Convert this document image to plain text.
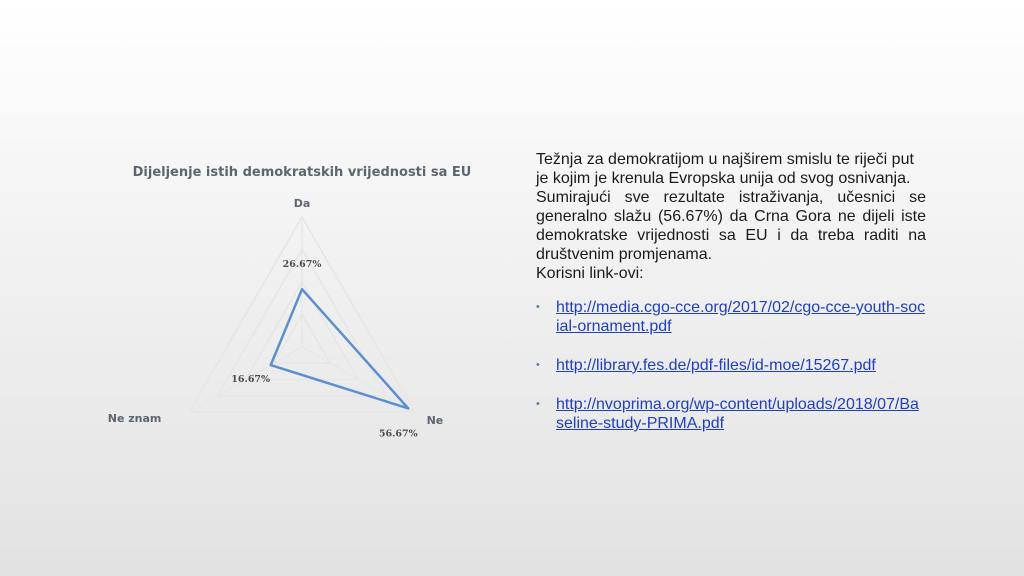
Dijeljenje istih demokratskih vrijednosti sa EU
Da
Ne
Ne znam
26.67%
56.67%
16.67%

Težnja za demokratijom u najširem smislu te riječi put je kojim je krenula Evropska unija od svog osnivanja.

Sumirajući sve rezultate istraživanja, učesnici se generalno slažu (56.67%) da Crna Gora ne dijeli iste demokratske vrijednosti sa EU i da treba raditi na društvenim promjenama.

Korisni link-ovi:

• http://media.cgo-cce.org/2017/02/cgo-cce-youth-social-ornament.pdf
• http://library.fes.de/pdf-files/id-moe/15267.pdf
• http://nvoprima.org/wp-content/uploads/2018/07/Baseline-study-PRIMA.pdf
